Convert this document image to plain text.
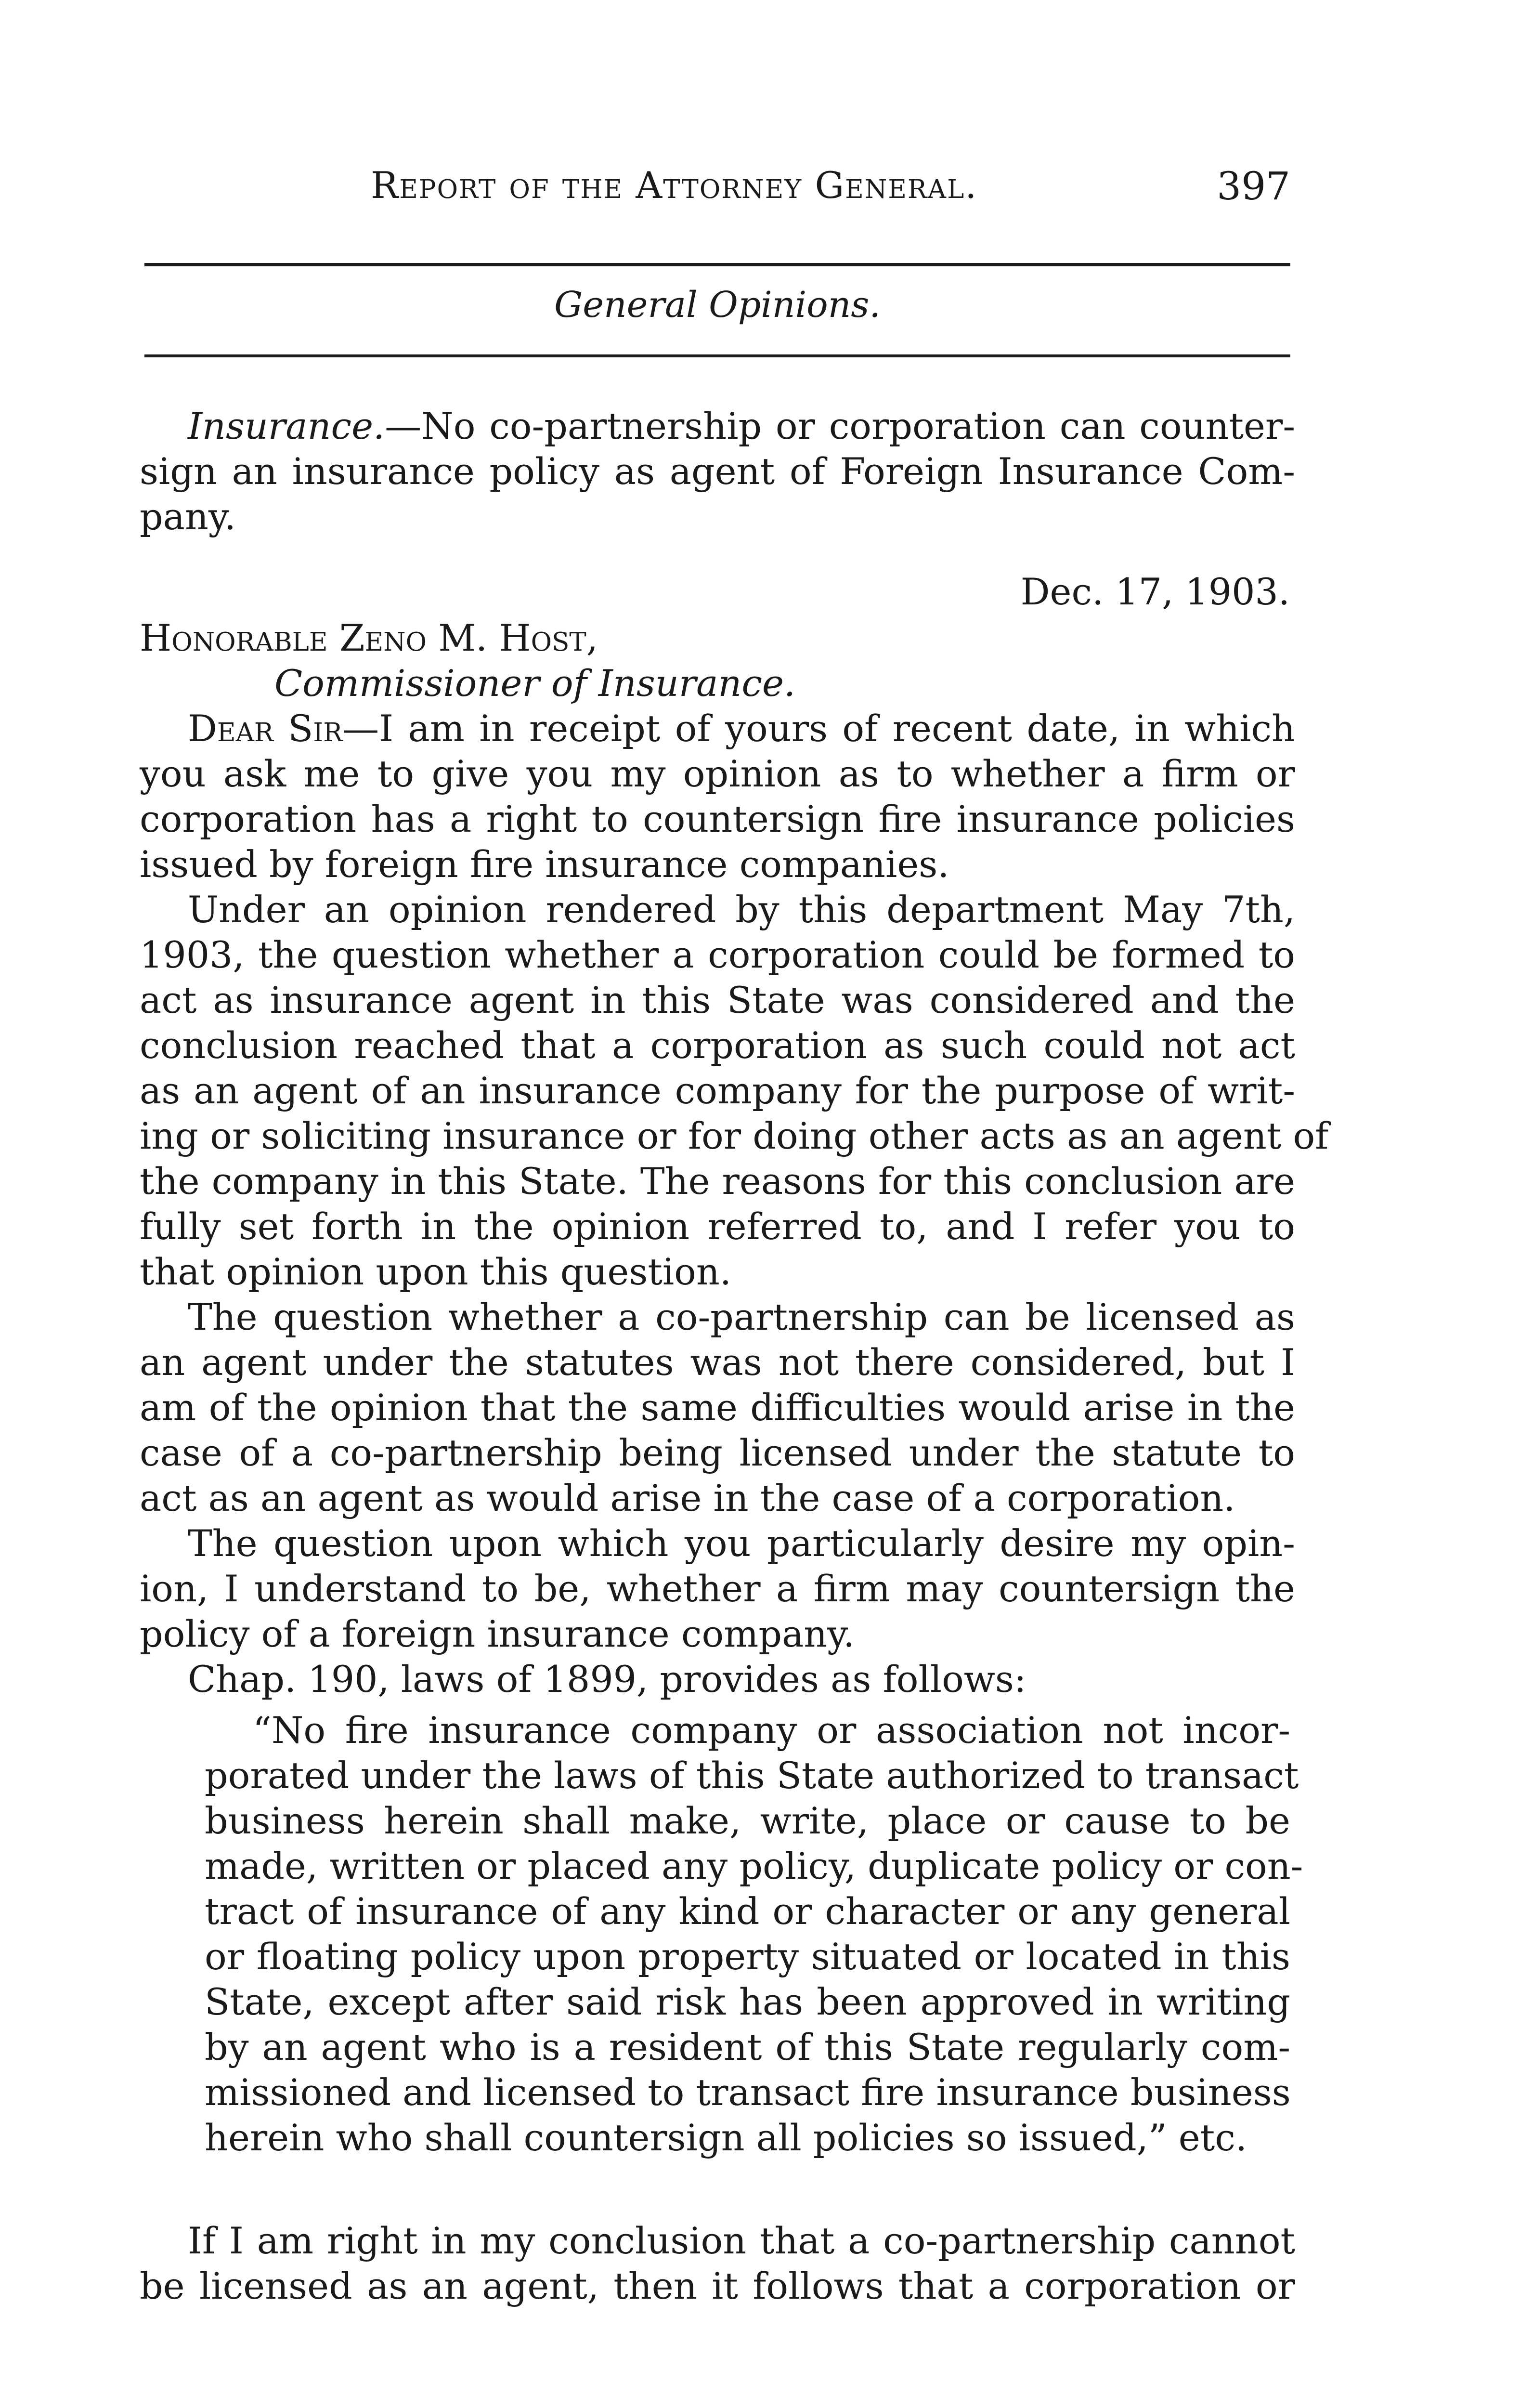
Report of the Attorney General.	397
General Opinions.
Insurance.—No co-partnership or corporation can counter-
sign an insurance policy as agent of Foreign Insurance Com-
pany.
Dec. 17, 1903.
Honorable Zeno M. Host,
Commissioner of Insurance.
Dear Sir—I am in receipt of yours of recent date, in which
you ask me to give you my opinion as to whether a firm or
corporation has a right to countersign fire insurance policies
issued by foreign fire insurance companies.
Under an opinion rendered by this department May 7th,
1903, the question whether a corporation could be formed to
act as insurance agent in this State was considered and the
conclusion reached that a corporation as such could not act
as an agent of an insurance company for the purpose of writ-
ing or soliciting insurance or for doing other acts as an agent of
the company in this State. The reasons for this conclusion are
fully set forth in the opinion referred to, and I refer you to
that opinion upon this question.
The question whether a co-partnership can be licensed as
an agent under the statutes was not there considered, but I
am of the opinion that the same difficulties would arise in the
case of a co-partnership being licensed under the statute to
act as an agent as would arise in the case of a corporation.
The question upon which you particularly desire my opin-
ion, I understand to be, whether a firm may countersign the
policy of a foreign insurance company.
Chap. 190, laws of 1899, provides as follows:
“No fire insurance company or association not incor-
porated under the laws of this State authorized to transact
business herein shall make, write, place or cause to be
made, written or placed any policy, duplicate policy or con-
tract of insurance of any kind or character or any general
or floating policy upon property situated or located in this
State, except after said risk has been approved in writing
by an agent who is a resident of this State regularly com-
missioned and licensed to transact fire insurance business
herein who shall countersign all policies so issued,” etc.
If I am right in my conclusion that a co-partnership cannot
be licensed as an agent, then it follows that a corporation or
